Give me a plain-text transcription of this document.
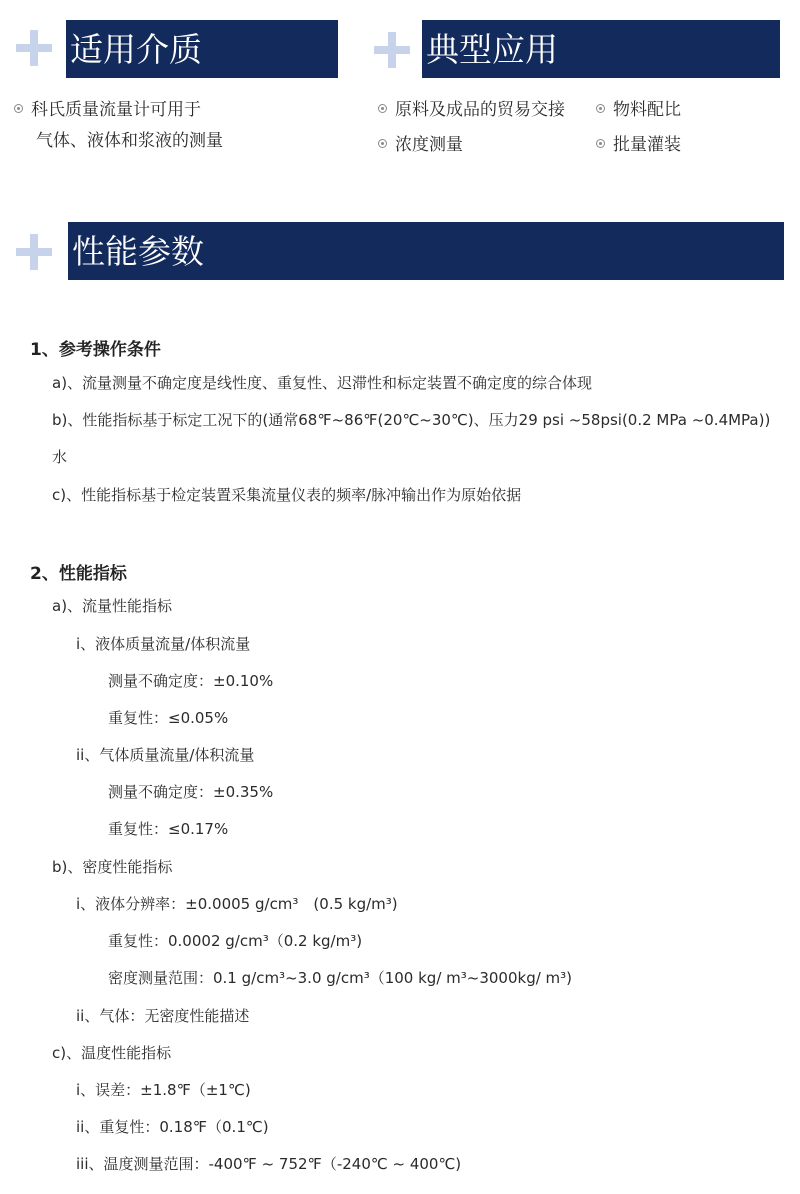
适用介质	典型应用
科氏质量流量计可用于
气体、液体和浆液的测量
原料及成品的贸易交接	物料配比
浓度测量	批量灌装
性能参数
1、参考操作条件
a)、流量测量不确定度是线性度、重复性、迟滞性和标定装置不确定度的综合体现
b)、性能指标基于标定工况下的(通常68℉~86℉(20℃~30℃)、压力29 psi ~58psi(0.2 MPa ~0.4MPa))
水
c)、性能指标基于检定装置采集流量仪表的频率/脉冲输出作为原始依据
2、性能指标
a)、流量性能指标
i、液体质量流量/体积流量
测量不确定度：±0.10%
重复性：≤0.05%
ii、气体质量流量/体积流量
测量不确定度：±0.35%
重复性：≤0.17%
b)、密度性能指标
i、液体分辨率：±0.0005 g/cm³　(0.5 kg/m³)
重复性：0.0002 g/cm³（0.2 kg/m³)
密度测量范围：0.1 g/cm³~3.0 g/cm³（100 kg/ m³~3000kg/ m³)
ii、气体：无密度性能描述
c)、温度性能指标
i、误差：±1.8℉（±1℃)
ii、重复性：0.18℉（0.1℃)
iii、温度测量范围：-400℉ ~ 752℉（-240℃ ~ 400℃)
